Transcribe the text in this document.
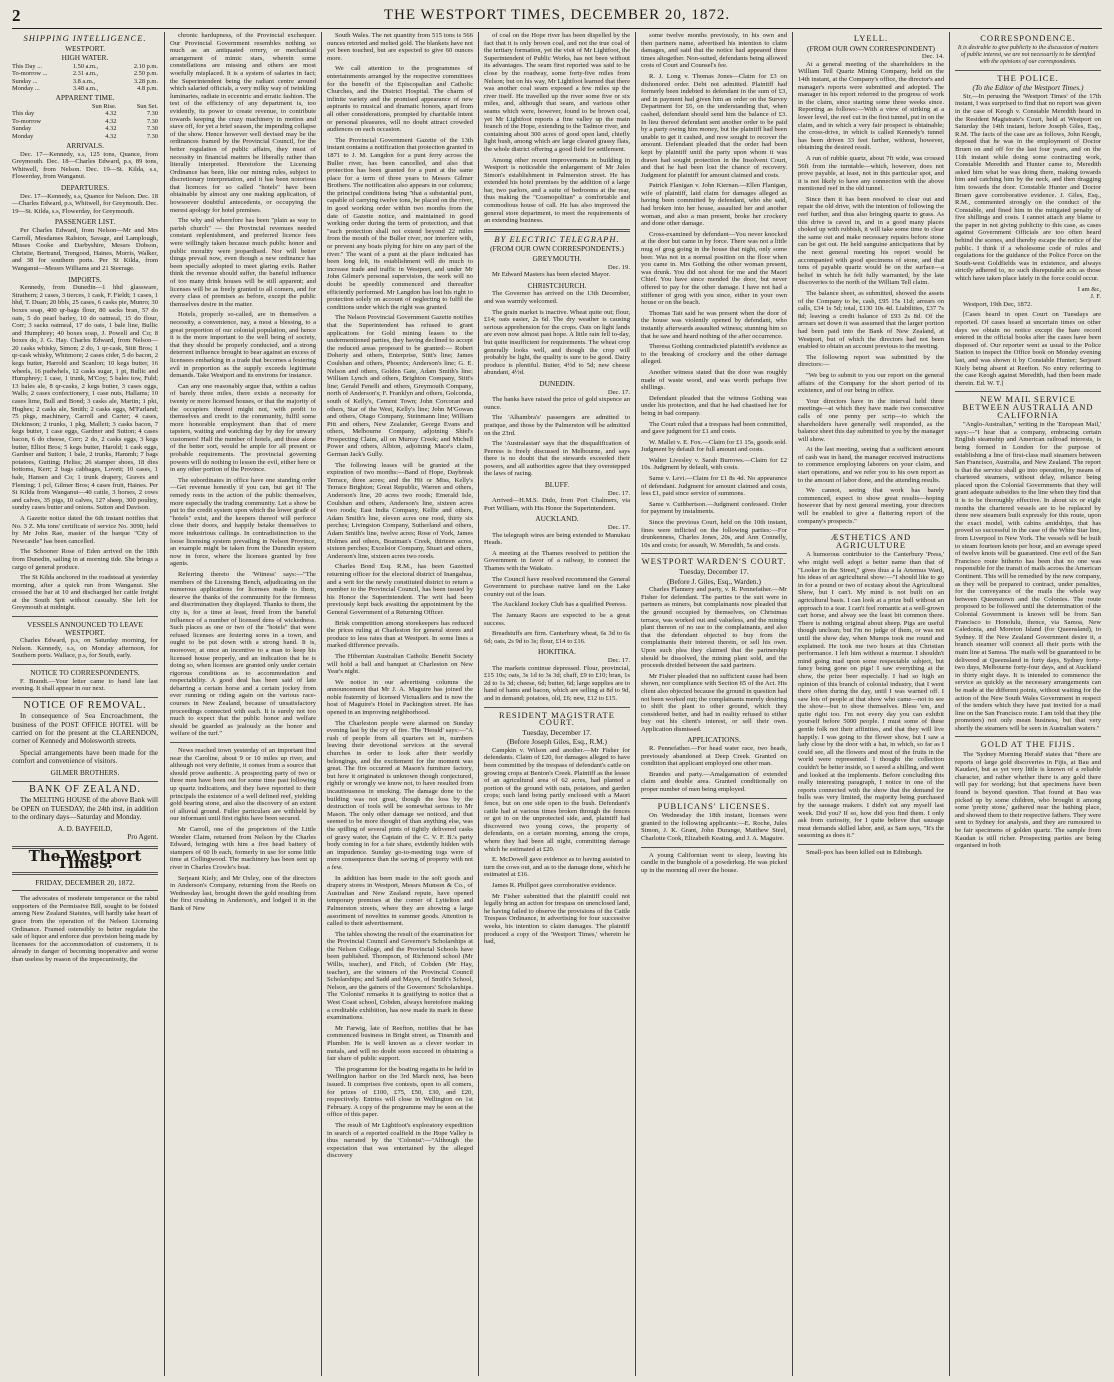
2	THE WESTPORT TIMES, DECEMBER 20, 1872.
SHIPPING INTELLIGENCE.
WESTPORT.
HIGH WATER.
This Day ...	1.50 a.m.,	2.10 p.m.
To-morrow ...	2.31 a.m.,	2.50 p.m.
Sunday ...	3.8 a.m.,	3.28 p.m.
Monday ...	3.48 a.m.,	4.8 p.m.
APPARENT TIME.
	Sun Rise.	Sun Set.
This day	4.32	7.30
To-morrow	4.32	7.30
Sunday	4.32	7.30
Monday	4.32	7.30
ARRIVALS.

Dec. 17—Kennedy, s.s, 125 tons, Quance, from Greymouth. Dec. 18—Charles Edward, p.s, 89 tons, Whitwell, from Nelson. Dec. 19—St. Kilda, s.s, Flowerday, from Wanganui.

DEPARTURES.

Dec. 17—Kennedy, s.s, Quance for Nelson. Dec. 18—Charles Edward, p.s, Whitwell, for Greymouth. Dec. 19—St. Kilda, s.s, Flowerday, for Greymouth.

PASSENGER LIST.

Per Charles Edward, from Nelson—Mr and Mrs Carroll, Mesdames Ralston, Savage, and Lamplough, Misses Cooke and Darbyshire, Messrs Dobson, Christie, Bertrand, Trengood, Haines, Morris, Walker, and 38 for southern ports. Per St Kilda, from Wanganui—Messrs Williams and 21 Steerage.

IMPORTS.

Kennedy, from Dunedin—1 hhd glassware, Strathern; 2 cases, 3 tierces, 1 cask, F. Fieldt; 1 cases, 1 hhd, T. Duan; 20 bbls, 25 cases, 6 casks pie, Munro; 30 boxes soap, 400 qr-bags flour, 80 sacks bran, 57 do oats, 5 do pearl barley, 10 do oatmeal, 15 do flour, Corr; 3 sacks oatmeal, 17 do oats, 1 bale line, Bullic and Humphrey; 40 boxes soap, J. Powell and Co; 8 boxes do, J. G. Hay. Charles Edward, from Nelson—20 casks whisky, Simon; 2 do, 1 qr-cask, Stitt Bros; 1 qr-cask whisky, Whitmore; 2 cases cider, 5 do bacon, 2 kegs butter, Harrold and Scanlon; 10 kegs butter, 16 wheels, 16 pudwhels, 12 casks sugar, 1 pt, Bullic and Humphrey; 1 case, 1 trunk, M'Coy; 5 bales tow, Fuld; 13 bales ale, 8 qr-casks, 2 kegs butter, 3 cases eggs, Walls; 2 cases confectionery, 1 case nuts, Hallams; 10 cases lime, Bull and Bond; 3 casks ale, Martin; 1 pkt, Hughes; 2 casks ale, Smith; 2 casks eggs, M'Farland; 75 pkgs, machinery, Carroll and Carter; 4 cases, Dickinson; 2 trunks, 1 pkg, Mallett; 3 casks bacon, 7 kegs butter, 1 case eggs, Gardner and Sutton; 4 cases bacon, 6 do cheese, Corr; 2 do, 2 casks eggs, 3 kegs butter, Elliot Bros; 5 kegs butter, Harold; 1 cask eggs, Gardner and Sutton; 1 bale, 2 trunks, Hammh; 7 bags potatoes, Gutting; Heliss; 26 stamper shoes, 18 dies bottoms, Kerr; 2 bags cabbages, Lovett; 10 cases, 1 bale, Hansen and Co; 1 trunk drapery, Graves and Fleming; 1 pcl, Gilmer Bros; 4 cases fruit, Haines. Per St Kilda from Wanganui—40 cattle, 3 horses, 2 cows and calves, 35 pigs, 10 calves, 127 sheep, 300 poultry, sundry cases butter and onions. Sutton and Davison.

A Gazette notice dated the 6th instant notifies that No. 3 Z. Mu tons' certificate of service No. 3090, held by Mr John Rae, master of the barque "City of Newcastle" has been cancelled.

The Schooner Rose of Eden arrived on the 18th from Dunedin, sailing in at morning tide. She brings a cargo of general produce.

The St Kilda anchored in the roadstead at yesterday morning, after a quick run from Wanganui. She crossed the bar at 10 and discharged her cattle freight at the South Spit without casualty. She left for Greymouth at midnight.

VESSELS ANNOUNCED TO LEAVE WESTPORT.

Charles Edward, p.s, on Saturday morning, for Nelson. Kennedy, s.s, on Monday afternoon, for Southern ports. Wallace, p.s, for South, early.

NOTICE TO CORRESPONDENTS.

F. Brandt.—Your letter came to hand late last evening. It shall appear in our next.

NOTICE OF REMOVAL.

In consequence of Sea Encroachment, the business of the POST OFFICE HOTEL will be carried on for the present at the CLARENDON, corner of Kennedy and Molesworth streets.

Special arrangements have been made for the comfort and convenience of visitors.

GILMER BROTHERS.
BANK OF ZEALAND.

The MELTING HOUSE of the above Bank will be OPEN on TUESDAY, the 24th inst, in addition to the ordinary days—Saturday and Monday.

A. D. BAYFEILD,
Pro Agent.
The Westport Times.
FRIDAY, DECEMBER 20, 1872.

The advocates of moderate temperance or the rabid supporters of the Permissive Bill, sought to be foisted among New Zealand Statutes, will hardly take heart of grace from the operation of the Nelson Licensing Ordinance. Framed ostensibly to better regulate the sale of liquor and enforce due provision being made by licensees for the accommodation of customers, it is already in danger of becoming inoperative and worse than useless by reason of the impecuniosity, the

chronic hardupness, of the Provincial exchequer. Our Provincial Government resembles nothing so much as an antiquated orrery, or mechanical arrangement of mimic stars, wherein some constellations are missing and others are most woefully misplaced. It is a system of salaries in fact; the Superintendent being the radiant centre around which salaried officials, a very milky way of twinkling luminaries, radiate in eccentric and erratic fashion. The test of the efficiency of any department is, too evidently, its power to create revenue, to contribute towards keeping the crazy machinery in motion and stave off, for yet a brief season, the impending collapse of the show. Hence however well devised may be the ordinances framed by the Provincial Council, for the better regulation of public affairs, they must of necessity in financial matters be liberally rather than literally interpreted. Heretofore the Licensing Ordinance has been, like our mining rules, subject to discretionary interpretation, and it has been notorious that licences for so called "hotels" have been obtainable by almost any one making application, of howsoever doubtful antecedents, or occupying the merest apology for hotel premises.

The why and wherefore has been "plain as way to parish church" — the Provincial revenues needed constant replenishment, and preferred licence fees were willingly taken because much public honor and public morality were jeopardised. Nor will better things prevail now, even though a new ordinance has been specially adopted to meet glaring evils. Rather think the revenue should suffer, the baneful influence of too many drink houses will be still apparent; and licenses will be as freely granted to all comers, and for every class of premises as before, except the public themselves desire in the matter.

Hotels, properly so-called, are in themselves a necessity, a convenience, nay, a most a blessing, to a great proportion of our colonial population, and hence it is the more important to the well being of society, that they should be properly conducted, and a strong deterrent influence brought to bear against an excess of licensees embarking in a trade that becomes a festering evil in proportion as the supply exceeds legitimate demands. Take Westport and its environs for instance.

Can any one reasonably argue that, within a radius of barely three miles, there exists a necessity for twenty or more licensed houses, or that the majority of the occupiers thereof might not, with profit to themselves and credit to the community, fulfil some more honorable employment than that of mere tapsters, waiting and watching day by day for unwary customers! Half the number of hotels, and those alone of the better sort, would be ample for all present or probable requirements. The provincial governing powers will do nothing to lessen the evil, either here or in any other portion of the Province.

The subordinates in office have one standing order—Get revenue honestly if you can, but get it! The remedy rests in the action of the public themselves, more especially the trading community. Let a show be put to the credit system upon which the lower grade of "hotels" exist, and the keepers thereof will perforce close their doors, and happily betake themselves to more industrious callings. In contradistinction to the loose licensing system prevailing in Nelson Province, an example might be taken from the Dunedin system now in force, where the licenses granted by free agents.

Referring thereto the 'Witness' says:—"The members of the Licensing Bench, adjudicating on the numerous applications for licenses made to them, deserve the thanks of the community for the firmness and discrimination they displayed. Thanks to them, the city is, for a time at least, freed from the baneful influence of a number of licensed dens of wickedness. Such places as one or two of the "hotels" that were refused licenses are festering sores in a town, and ought to be put down with a strong hand. It is, moreover, at once an incentive to a man to keep his licensed house properly, and an indication that he is doing so, when licenses are granted only under certain rigorous conditions as to accommodation and respectability. A good deal has been said of late debarring a certain horse and a certain jockey from ever running or riding again on the various race-courses in New Zealand, because of unsatisfactory proceedings connected with each. It is surely not too much to expect that the public honor and welfare should be guarded as jealously as the honor and welfare of the turf."

News reached town yesterday of an important find near the Caroline, about 9 or 10 miles up river, and although not very definite, it comes from a source that should prove authentic. A prospecting party of two or three men have been out for some time past following up quartz indications, and they have reported to their principals the existence of a well defined reef, yielding gold bearing stone, and also the discovery of an extent of alluvial ground. Fuller particulars are withheld by our informant until first rights have been secured.

Mr Carroll, one of the proprietors of the Little Wonder Claim, returned from Nelson by the Charles Edward, bringing with him a five head battery of stampers of 60 lb each, formerly in use for some little time at Collingwood. The machinery has been sent up river in Charles Crowle's boat.

Serjeant Kiely, and Mr Oxley, one of the directors in Anderson's Company, returning from the Reefs on Wednesday last, brought down the gold resulting from the first crushing in Anderson's, and lodged it in the Bank of New

South Wales. The net quantity from 515 tons is 566 ounces retorted and melted gold. The blankets have not yet been touched, but are expected to give 60 ounces more.

We call attention to the programmes of entertainments arranged by the respective committees for the benefit of the Episcopalian and Catholic Churches, and the District Hospital. The charm of infinite variety and the promised appearance of new aspirants to musical and dramatic honors, apart from all other considerations, prompted by charitable intent or personal pleasures, will no doubt attract crowded audiences on each occasion.

The Provincial Government Gazette of the 13th instant contains a notification that protection granted in 1871 to J. M. Langdon for a punt ferry across the Buller river, has been cancelled, and also that protection has been granted for a punt at the same place for a term of three years to Messrs Gilmer Brothers. The notification also appears in our columns; the principal conditions being "that a substantial punt, capable of carrying twelve tons, be placed on the river, in good working order within two months from the date of Gazette notice, and maintained in good working order during the term of protection, and that "such protection shall not extend beyond 22 miles from the mouth of the Buller river, nor interfere with, or prevent any boats plying for hire on any part of the river." The want of a punt at the place indicated has been long felt, its establishment will do much to increase trade and traffic in Westport, and under Mr John Gilmer's personal supervision, the work will no doubt be speedily commenced and thereafter efficiently performed. Mr Langdon has lost his right to protection solely on account of neglecting to fulfil the conditions under which the right was granted.

The Nelson Provincial Government Gazette notifies that the Superintendent has refused to grant applications for Gold mining leases to the undermentioned parties, they having declined to accept the reduced areas proposed to be granted:— Robert Doherty and others, Enterprise, Stitt's line; James Coulshan and others, Phoenix; Anderson's line; G. E. Nelson and others, Golden Gate, Adam Smith's line; William Lynch and others, Brighton Company, Stitt's line; Gerald Fenelli and others, Greymouth Company, north of Anderson's; F. Franklyn and others, Golconda, south of Kelly's, Cement Town; John Corcoran and others, Star of the West, Kelly's line; John M'Gowan and others, Otago Company, Steinmann line; William Pitt and others, New Zealander, George Evans and others, Melbourne Company, adjoining Shiel's Prospecting Claim, all on Murray Creek; and Michell Power and others, Albion, adjoining Mace's claim, German Jack's Gully.

The following leases will be granted at the expiration of two months:—Band of Hope, Daybreak Terrace, three acres; and the Hit or Miss, Kelly's Terrace Brighton; Great Republic, Warren and others, Anderson's line, 20 acres two roods; Emerald Isle, Coulshan and others, Anderson's line, sixteen acres two roods; East India Company, Kellie and others, Adam Smith's line, eleven acres one rood, thirty six perches; Livingston Company, Sutherland and others, Adam Smith's line, twelve acres; Rose of York, James Holmes and others, Boatman's Creek, thirteen acres, sixteen perches; Excelsior Company, Stuart and others, Anderson's line, sixteen acres two roods.

Charles Bond Esq. R.M., has been Gazetted returning officer for the electoral district of Inangahua, and a writ for the newly constituted district to return a member to the Provincial Council, has been issued by his Honor the Superintendent. The writ had been previously kept back awaiting the appointment by the General Government of a Returning Officer.

Brisk competition among storekeepers has reduced the prices ruling at Charleston for general stores and produce to less rates than at Westport. In some lines a marked difference prevails.

The Hibernian Australian Catholic Benefit Society will hold a ball and banquet at Charleston on New Year's night.

We notice in our advertising columns the announcement that Mr J. A. Maguire has joined the noble fraternity of licensed Victuallers and is now the host of Maguire's Hotel in Packington street. He has opened in an improving neighborhood.

The Charleston people were alarmed on Sunday evening last by the cry of fire. The 'Herald' says:—"A rush of people from all quarters set in, numbers leaving their devotional services at the several churches in order to look after their worldly belongings, and the excitement for the moment was great. The fire occurred at Mason's furniture factory, but how it originated is unknown though conjectured, rightly or wrongly we know not, to have resulted from incautiousness in smoking. The damage done to the building was not great, though the loss by the destruction of tools will be somewhat serious to Mr Mason. The only other damage we noticed, and that seemed to be more thought of than anything else, was the spilling of several pints of tightly delivered casks of gravy water, the Captain of the C. V. F. B.'s party body coming in for a fair share, evidently hidden with an impudence. Sunday go-to-meeting togs were of mere consequence than the saving of property with not a few.

In addition has been made to the soft goods and drapery stores in Westport, Messrs Munson & Co., of Australian and New Zealand repute, have opened temporary premises at the corner of Lyttelton and Palmerston streets, where they are showing a large assortment of novelties in summer goods. Attention is called to their advertisement.

The tables showing the result of the examination for the Provincial Council and Governor's Scholarships at the Nelson College, and the Provincial Schools have been published. Thompson, of Richmond school (Mr Willis, teacher), and Fitch, of Cobden (Mr Hay, teacher), are the winners of the Provincial Council Scholarships; and Sadd and Mayes, of Smith's School, Nelson, are the gainers of the Governors' Scholarships. The 'Colonist' remarks it is gratifying to notice that a West Coast school, Cobden, always heretofore making a creditable exhibition, has now made its mark in these examinations.

Mr Farwig, late of Reefton, notifies that he has commenced business in Bright street, as Tinsmith and Plumber. He is well known as a clever worker in metals, and will no doubt soon succeed in obtaining a fair share of public support.

The programme for the boating regatta to be held in Wellington harbor on the 3rd March next, has been issued. It comprises five contests, open to all comers, for prizes of £100, £75, £50, £30, and £20, respectively. Entries will close in Wellington on 1st February. A copy of the programme may be seen at the office of this paper.

The result of Mr Lightfoot's exploratory expedition in search of a reported coalfield in the Hope Valley is thus narrated by the 'Colonist':—"Although the expectation that was entertained by the alleged discovery

of coal on the Hope river has been dispelled by the fact that it is only brown coal, and not the true coal of the tertiary formation, yet the visit of Mr Lightfoot, the Superintendent of Public Works, has not been without its advantages. The seam first reported was said to be close by the roadway, some forty-five miles from Nelson; but on his way, Mr Lightfoot learned that there was another coal seam exposed a few miles up the river itself. He travelled up the river some five or six miles, and, although that seam, and various other seams which were, however, found to be brown coal, yet Mr Lightfoot reports a fine valley up the main branch of the Hope, extending to the Tadmor river, and containing about 300 acres of good open land, chiefly light bush, among which are large cleared grassy flats, the whole district offering a good field for settlement.

Among other recent improvements in building in Westport is noticeable the enlargement of Mr Jules Simon's establishment in Palmerston street. He has extended his hotel premises by the addition of a large bar, two parlors, and a suite of bedrooms at the rear, thus making the "Cosmopolitan" a comfortable and commodious house of call. He has also improved the general store department, to meet the requirements of an extending business.

BY ELECTRIC TELEGRAPH.
(FROM OUR OWN CORRESPONDENTS.)
GREYMOUTH.
Dec. 19.

Mr Edward Masters has been elected Mayor.

CHRISTCHURCH.

The Governor has arrived on the 13th December, and was warmly welcomed.

The grain market is inactive. Wheat quite out; flour, £14; oats easier, 2s 6d. The dry weather is causing serious apprehension for the crops. Oats on light lands are even now almost past hope. A little rain fell to-day, but quite insufficient for requirements. The wheat crop generally looks well, and though the crop will probably be light, the quality is sure to be good. Dairy produce is plentiful. Butter, 4½d to 5d; new cheese abundant, 4½d.

DUNEDIN.
Dec. 17.

The banks have raised the price of gold sixpence an ounce.

The 'Alhambra's' passengers are admitted to pratique, and those by the Palmerston will be admitted on the 23rd.

The 'Australasian' says that the disqualification of Peeress is freely discussed in Melbourne, and says there is no doubt that the stewards exceeded their powers, and all authorities agree that they overstepped the laws of racing.

BLUFF.
Dec. 17.

Arrived—H.M.S. Dido, from Port Chalmers, via Port William, with His Honor the Superintendent.

AUCKLAND.
Dec. 17.

The telegraph wires are being extended to Manukau Heads.

A meeting at the Thames resolved to petition the Government in favor of a railway, to connect the Thames with the Waikato.

The Council have resolved recommend the General Government to purchase native land on the Lake country out of the loan.

The Auckland Jockey Club has a qualified Peeress.

The January Races are expected to be a great success.

Breadstuffs are firm. Canterbury wheat, 6s 3d to 6s 6d; oats, 2s 9d to 3s; flour, £14 to £16.

HOKITIKA.
Dec. 17.

The markets continue depressed. Flour, provincial, £15 10s; oats, 3s 1d to 3s 3d; chaff, £9 to £10; bran, 1s 2d to 1s 3d; cheese, 6d; butter, 6d; large supplies are to hand of hams and bacon, which are selling at 8d to 9d, and in demand; potatoes, old, £6; new, £12 to £15.

RESIDENT MAGISTRATE COURT.
Tuesday, December 17.
(Before Joseph Giles, Esq., R.M.)

Campkin v. Wilson and another.—Mr Fisher for defendants. Claim of £20, for damages alleged to have been committed by the trespass of defendant's cattle on growing crops at Benton's Creek. Plaintiff as the lessee of an agricultural area of 62 acres, had planted a portion of the ground with oats, potatoes, and garden crops; such land being partly enclosed with a Maori fence, but on one side open to the bush. Defendant's cattle had at various times broken through the fences or got in on the unprotected side, and, plaintiff had discovered two young cows, the property of defendants, on a certain morning, among the crops, where they had been all night, committing damage which he estimated at £20.

E. McDowell gave evidence as to having assisted to turn the cows out, and as to the damage done, which he estimated at £16.

James R. Phillpot gave corroborative evidence.

Mr Fisher submitted that the plaintiff could not legally bring an action for trespass on unenclosed land, he having failed to observe the provisions of the Cattle Trespass Ordinance, in advertising for four successive weeks, his intention to claim damages. The plaintiff produced a copy of the 'Westport Times,' wherein he had,

some twelve months previously, in his own and then partners name, advertised his intention to claim damages, and said that the notice had appeared three times altogether. Non-suited, defendants being allowed costs of Court and Counsel's fee.

R. J. Long v. Thomas Jones—Claim for £3 on dishonored order. Debt not admitted. Plaintiff had formerly been indebted to defendant in the sum of £3, and in payment had given him an order on the Survey Department for £6, on the understanding that, when cashed, defendant should send him the balance of £3. In lieu thereof defendant sent another order to be paid by a party owing him money, but the plaintiff had been unable to get it cashed, and now sought to recover the amount. Defendant pleaded that the order had been kept by plaintiff until the party upon whom it was drawn had sought protection in the Insolvent Court, and that he had been lost the chance of recovery. Judgment for plaintiff for amount claimed and costs.

Patrick Flanigan v. John Kiernan.—Ellen Flanigan, wife of plaintiff, laid claim for damages alleged as having been committed by defendant, who she said, had broken into her house, assaulted her and another woman, and also a man present, broke her crockery and done other damage.

Cross-examined by defendant—You never knocked at the door but came in by force. There was not a little mug of grog going in the house that night, only some beer. Was not in a normal position on the floor when you came in. Mrs Gothing the other woman present, was drunk. You did not shout for me and the Maori Chief. You have since mended the door, but never offered to pay for the other damage. I have not had a stiffener of grog with you since, either in your own house or on the beach.

Thomas Tait said he was present when the door of the house was violently opened by defendant, who instantly afterwards assaulted witness; stunning him so that he saw and heard nothing of the after occurrence.

Theresa Gothing contradicted plaintiff's evidence as to the breaking of crockery and the other damage alleged.

Another witness stated that the door was roughly made of waste wood, and was worth perhaps five shillings.

Defendant pleaded that the witness Gothing was under his protection, and that he had chastised her for being in bad company.

The Court ruled that a trespass had been committed, and gave judgment for £1 and costs.

W. Mallet v. E. Fox.—Claim for £1 15s, goods sold. Judgment by default for full amount and costs.

Walter Livesley v. Sarah Burrows.—Claim for £2 10s. Judgment by default, with costs.

Same v. Levi.—Claim for £1 8s 4d. No appearance of defendant. Judgment for amount claimed and costs, less £1, paid since service of summons.

Same v. Cuthbertson.—Judgment confessed. Order for payment by instalments.

Since the previous Court, held on the 10th instant, fines were inflicted on the following parties:—For drunkenness, Charles Jones, 20s, and Ann Connelly, 10s and costs; for assault, W. Meredith, 5s and costs.

WESTPORT WARDEN'S COURT.
Tuesday, December 17.
(Before J. Giles, Esq., Warden.)

Charles Flannery and party, v. R. Pennefather.—Mr Fisher for defendant. The parties to the suit were in partners as miners, but complainants now pleaded that the ground occupied by themselves, on Christmas terrace, was worked out and valueless, and the mining plant thereon of no use to the complainants, and also that the defendant objected to buy from the complainants their interest therein, or sell his own. Upon such plea they claimed that the partnership should be dissolved, the mining plant sold, and the proceeds divided between the said partners.

Mr Fisher pleaded that no sufficient cause had been shown, nor compliance with Section 65 of the Act. His client also objected because the ground in question had not been worked out; the complainants merely desiring to shift the plant to other ground, which they considered better, and had in reality refused to either buy out his client's interest, or sell their own. Application dismissed.

APPLICATIONS.

R. Pennefather.—For head water race, two heads, previously abandoned at Deep Creek. Granted on condition that applicant employed one other man.

Brandes and party.—Amalgamation of extended claim and double area. Granted conditionally on proper number of men being employed.

PUBLICANS' LICENSES.

On Wednesday the 18th instant, licenses were granted to the following applicants:—E. Roche, Jules Simon, J. K. Grant, John Durange, Matthew Steel, Charlotte Cook, Elizabeth Keating, and J. A. Maguire.

A young Californian went to sleep, leaving his candle in the bunghole of a powderkeg. He was picked up in the morning all over the house.

LYELL.
(FROM OUR OWN CORRESPONDENT)
Dec. 14.

At a general meeting of the shareholders in the William Tell Quartz Mining Company, held on the 14th instant, at the Company's office, the director's and manager's reports were submitted and adopted. The manager in his report referred to the progress of work in the claim, since starting some three weeks since. Reporting as follows:—With a view of striking at a lower level, the reef cut in the first tunnel, put in on the claim, and in which a very fair prospect is obtainable; the cross-drive, in which is called Kennedy's tunnel has been driven 33 feet farther, without, however, obtaining the desired result.

A run of rubble quartz, about 7ft wide, was crossed 56ft from the turntable—which, however, does not prove payable, at least, not in this particular spot, and it is not likely to have any connection with the above mentioned reef in the old tunnel.

Since then it has been resolved to clear out and repair the old drive, with the intention of following the reef further, and thus also bringing quartz to grass. As this drive is caved in, and in a good many places choked up with rubbish, it will take some time to clear the same out and make necessary repairs before stone can be got out. He held sanguine anticipations that by the next general meeting his report would be accompanied with good specimens of stone, and that tons of payable quartz would be on the surface—a belief in which he felt fully warranted, by the late discoveries to the north of the William Tell claim.

The balance sheet, as submitted, showed the assets of the Company to be, cash, £95 15s 11d; arrears on calls, £34 1s 5d; total, £130 10s 4d. Liabilities, £37 7s 8d; leaving a credit balance of £93 2s 8d. Of the arrears set down it was assumed that the larger portion had been paid into the Bank of New Zealand, at Westport, but of which the directors had not been enabled to obtain an account previous to the meeting.

The following report was submitted by the directors:—

"We beg to submit to you our report on the general affairs of the Company for the short period of its existence, and of our being in office.

Your directors have in the interval held three meetings—at which they have made two consecutive calls of one penny per scrip—to which the shareholders have generally well responded, as the balance sheet this day submitted to you by the manager will show.

At the last meeting, seeing that a sufficient amount of cash was in hand, the manager received instructions to commence employing laborers on your claim, and start operations, and we refer you to his own report as to the amount of labor done, and the attending results.

We cannot, seeing that work has barely commenced, expect to show great results—hoping however that by next general meeting, your directors will be enabled to give a flattering report of the company's prospects."

ÆSTHETICS AND AGRICULTURE

A humorous contributor to the Canterbury 'Press,' who might well adopt a better name than that of "Looker in the Street," gives thus a la Artemus Ward, his ideas of an agricultural show:—"I should like to go in for a pound or two of ecstasy about the Agricultural Show, but I can't. My mind is not built on an agricultural basis. I can look at a prize bull without an approach to a tear. I can't feel romantic at a well-grown cart horse, and alway see the least bit common there. There is nothing original about sheep. Pigs are useful though unclean; but I'm no judge of them, or was not until the show day, when Mumps took me round and explained. He took me two hours at this Christian performance. I left him without a murmur. I shouldn't mind going mad upon some respectable subject, but fancy being gone on pigs! I saw everything at the show, the prize beer especially. I had so high an opinion of this branch of colonial industry, that I went there often during the day, until I was warned off. I saw lots of people at that show who came—not to see the show—but to show themselves. Bless 'em, and quite right too. I'm not every day you can exhibit yourself before 5000 people. I must some of these gentle folk not their affinities, and that they will live happily. I was going to the flower show, but I saw a lady close by the door with a hat, in which, so far as I could see, all the flowers and most of the fruits in the world were represented. I thought the collection couldn't be better inside, so I saved a shilling, and went and looked at the implements. Before concluding this really interesting paragraph, I notice in one of the reports connected with the show that the demand for bulls was very limited, the majority being purchased by the sausage makers. I didn't eat any myself last week. Did you? If so, how did you find them. I only ask from curiosity, for I quite believe that sausage meat demands skilled labor, and, as Sam says, "It's the seasoning as does it."

Small-pox has been killed out in Edinburgh.

CORRESPONDENCE.
It is desirable to give publicity to the discussion of matters of public interest, we are not necessarily to be identified with the opinions of our correspondents.
THE POLICE.
(To the Editor of the Westport Times.)

Sir,—In perusing the 'Westport Times' of the 17th instant, I was surprised to find that no report was given in the case of Keogh v. Constable Meredith heard in the Resident Magistrate's Court, held at Westport on Saturday the 14th instant, before Joseph Giles, Esq., R.M. The facts of the case are as follows, John Keogh, deposed that he was in the employment of Doctor Bruen on and off for the last four years, and on the 11th instant while doing some contracting work, Constable Meredith and Hunter came to, Meredith asked him what he was doing there, making towards him and catching him by the neck, and then dragging him towards the door. Constable Hunter and Doctor Bruen gave corroborative evidence. J. Giles, Esq., R.M., commented strongly on the conduct of the Constable, and fined him in the mitigated penalty of five shillings and costs. I cannot attach any blame to the paper in not giving publicity to this case, as cases against Government Officials are too often heard behind the scenes, and thereby escape the notice of the public. I think if a wholesome code of rules and regulations for the guidance of the Police Force on the South-west Goldfields was in existence, and always strictly adhered to, no such disreputable acts as those which have taken place lately in the force could occur.

I am &c,
J. F.

Westport, 19th Dec, 1872.

[Cases heard in open Court on Tuesdays are reported. Of cases heard at uncertain times on other days we obtain no notice except the bare record entered in the official books after the cases have been disposed of. Our reporter went as usual to the Police Station to inspect the Office book on Monday evening last, and was shown it by Constable Hunter; Serjeant Kiely being absent at Reefton. No entry referring to the case Keogh against Meredith, had then been made therein. Ed. W. T.]

NEW MAIL SERVICE BETWEEN AUSTRALIA AND CALIFORNIA

"Anglo-Australian," writing in the 'European Mail,' says:—"I hear that a company, embracing certain English steamship and American railroad interests, is being formed in London for the purpose of establishing a line of first-class mail steamers between San Francisco, Australia, and New Zealand. The report is that the service shall go into operation, by means of chartered steamers, without delay, reliance being placed upon the Colonial Governments that they will grant adequate subsidies to the line when they find that it is to be thoroughly effective. In about six or eight months the chartered vessels are to be replaced by three new steamers built expressly for this route, upon the exact model, with cabins amidships, that has proved so successful in the case of the White Star line, from Liverpool to New York. The vessels will be built to steam fourteen knots per hour, and an average speed of twelve knots will be guaranteed. One evil of the San Francisco route hitherto has been that no one was responsible for the transit of mails across the American Continent. This will be remedied by the new company, as they will be prepared to contract, under penalties, for the conveyance of the mails the whole way between Queenstown and the Colonies. The route proposed to be followed until the determination of the Colonial Government is known will be from San Francisco to Honolulu, thence, via Samoa, New Caledonia, and Moreton Island (for Queensland), to Sydney. If the New Zealand Government desire it, a branch steamer will connect all their ports with the main line at Samoa. The mails will be guaranteed to be delivered at Queensland in forty days, Sydney forty-two days, Melbourne forty-four days, and at Auckland in thirty eight days. It is intended to commence the service as quickly as the necessary arrangements can be made at the different points, without waiting for the action of the New South Wales Government in respect of the tenders which they have just invited for a mail line on the San Francisco route. I am told that they (the promoters) not only mean business, but that very shortly the steamers will be seen in Australian waters."

GOLD AT THE FIJIS.

The 'Sydney Morning Herald' states that "there are reports of large gold discoveries in Fijis, at Bau and Kaudavi, but as yet very little is known of a reliable character, and rather whether there is any gold there will pay for working; but that specimens have been found is beyond question. That found at Bau was picked up by some children, who brought it among some 'pretty stone,' gathered near the bathing place, and showed them to their respective fathers. They were sent to Sydney for analysis, and they are rumoured to be fair specimens of golden quartz. The sample from Kaudan is still richer. Prospecting parties are being organised in both
